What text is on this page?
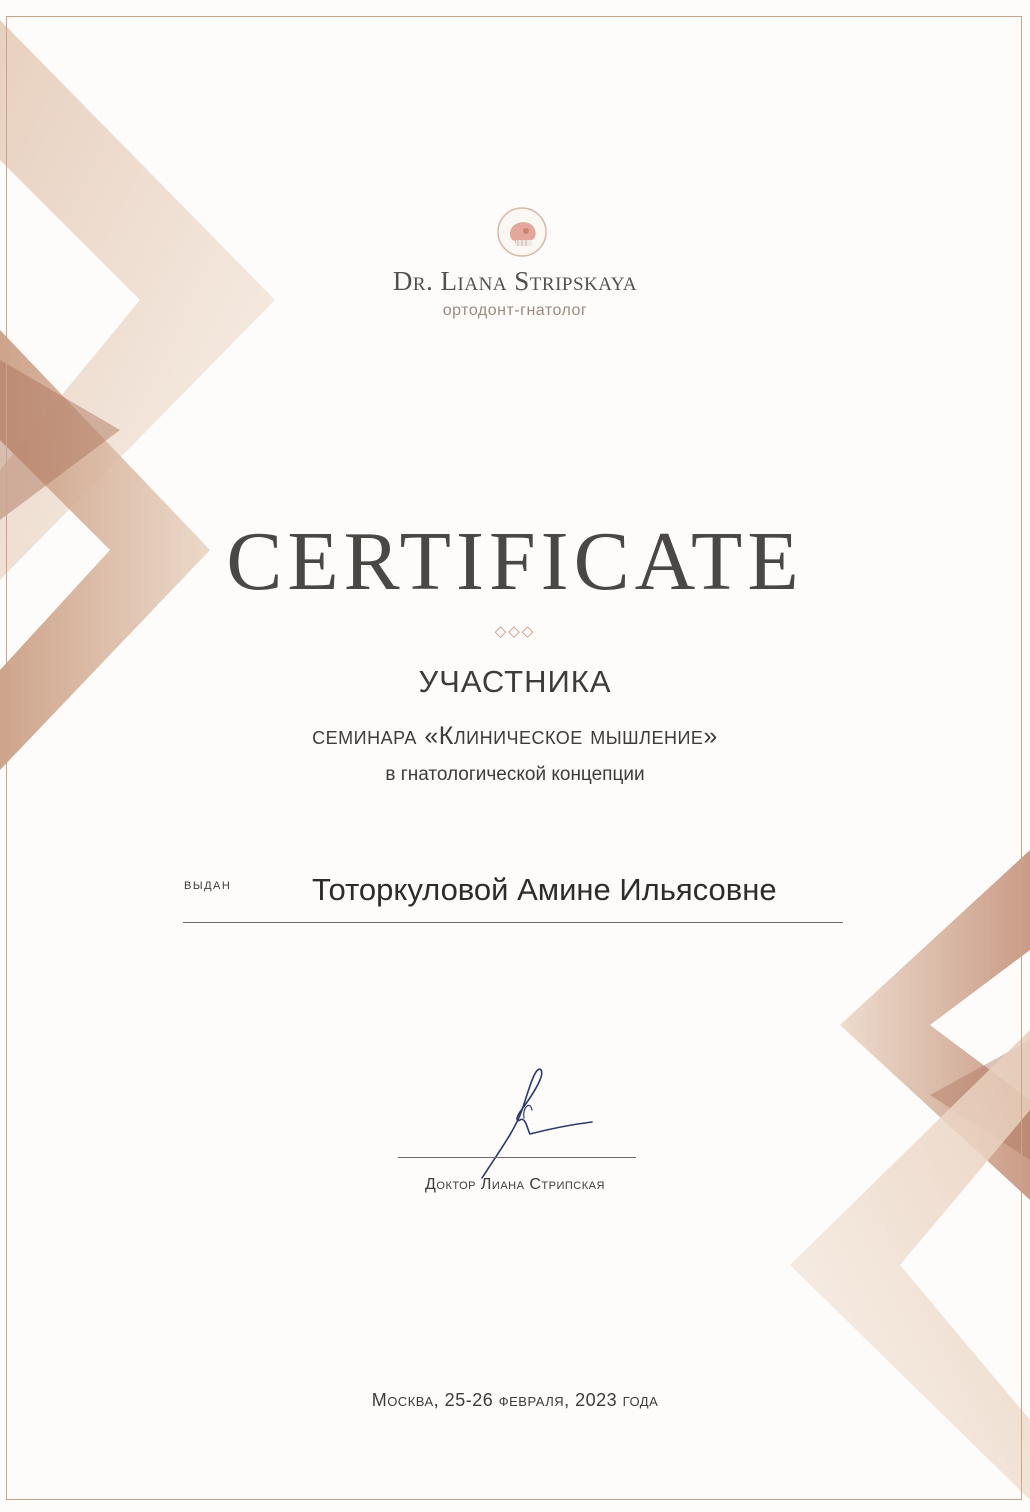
Dr. Liana Stripskaya
ортодонт-гнатолог
CERTIFICATE
◇◇◇
УЧАСТНИКА
семинара «Клиническое мышление»
в гнатологической концепции
выдан	Тоторкуловой Амине Ильясовне
Доктор Лиана Стрипская
Москва, 25-26 февраля, 2023 года
